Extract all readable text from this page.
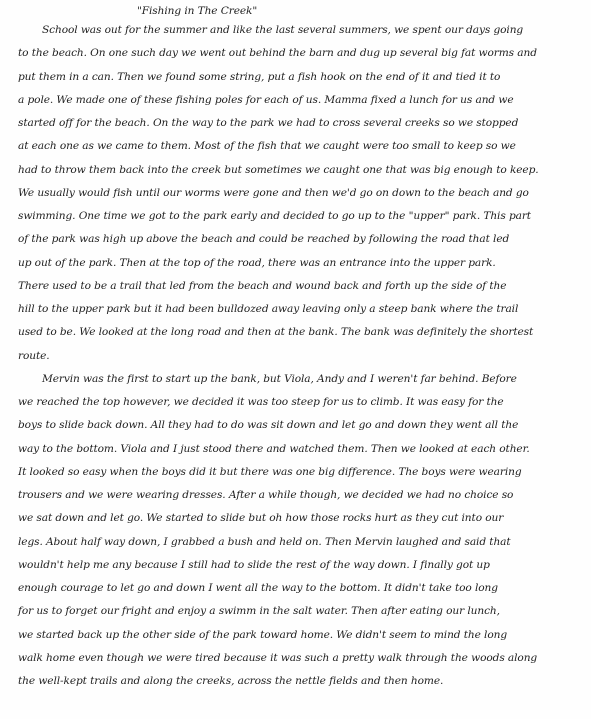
"Fishing in The Creek"
School was out for the summer and like the last several summers, we spent our days going
to the beach. On one such day we went out behind the barn and dug up several big fat worms and
put them in a can. Then we found some string, put a fish hook on the end of it and tied it to
a pole. We made one of these fishing poles for each of us. Mamma fixed a lunch for us and we
started off for the beach. On the way to the park we had to cross several creeks so we stopped
at each one as we came to them. Most of the fish that we caught were too small to keep so we
had to throw them back into the creek but sometimes we caught one that was big enough to keep.
We usually would fish until our worms were gone and then we'd go on down to the beach and go
swimming. One time we got to the park early and decided to go up to the "upper" park. This part
of the park was high up above the beach and could be reached by following the road that led
up out of the park. Then at the top of the road, there was an entrance into the upper park.
There used to be a trail that led from the beach and wound back and forth up the side of the
hill to the upper park but it had been bulldozed away leaving only a steep bank where the trail
used to be. We looked at the long road and then at the bank. The bank was definitely the shortest
route.
Mervin was the first to start up the bank, but Viola, Andy and I weren't far behind. Before
we reached the top however, we decided it was too steep for us to climb. It was easy for the
boys to slide back down. All they had to do was sit down and let go and down they went all the
way to the bottom. Viola and I just stood there and watched them. Then we looked at each other.
It looked so easy when the boys did it but there was one big difference. The boys were wearing
trousers and we were wearing dresses. After a while though, we decided we had no choice so
we sat down and let go. We started to slide but oh how those rocks hurt as they cut into our
legs. About half way down, I grabbed a bush and held on. Then Mervin laughed and said that
wouldn't help me any because I still had to slide the rest of the way down. I finally got up
enough courage to let go and down I went all the way to the bottom. It didn't take too long
for us to forget our fright and enjoy a swimm in the salt water. Then after eating our lunch,
we started back up the other side of the park toward home. We didn't seem to mind the long
walk home even though we were tired because it was such a pretty walk through the woods along
the well-kept trails and along the creeks, across the nettle fields and then home.
